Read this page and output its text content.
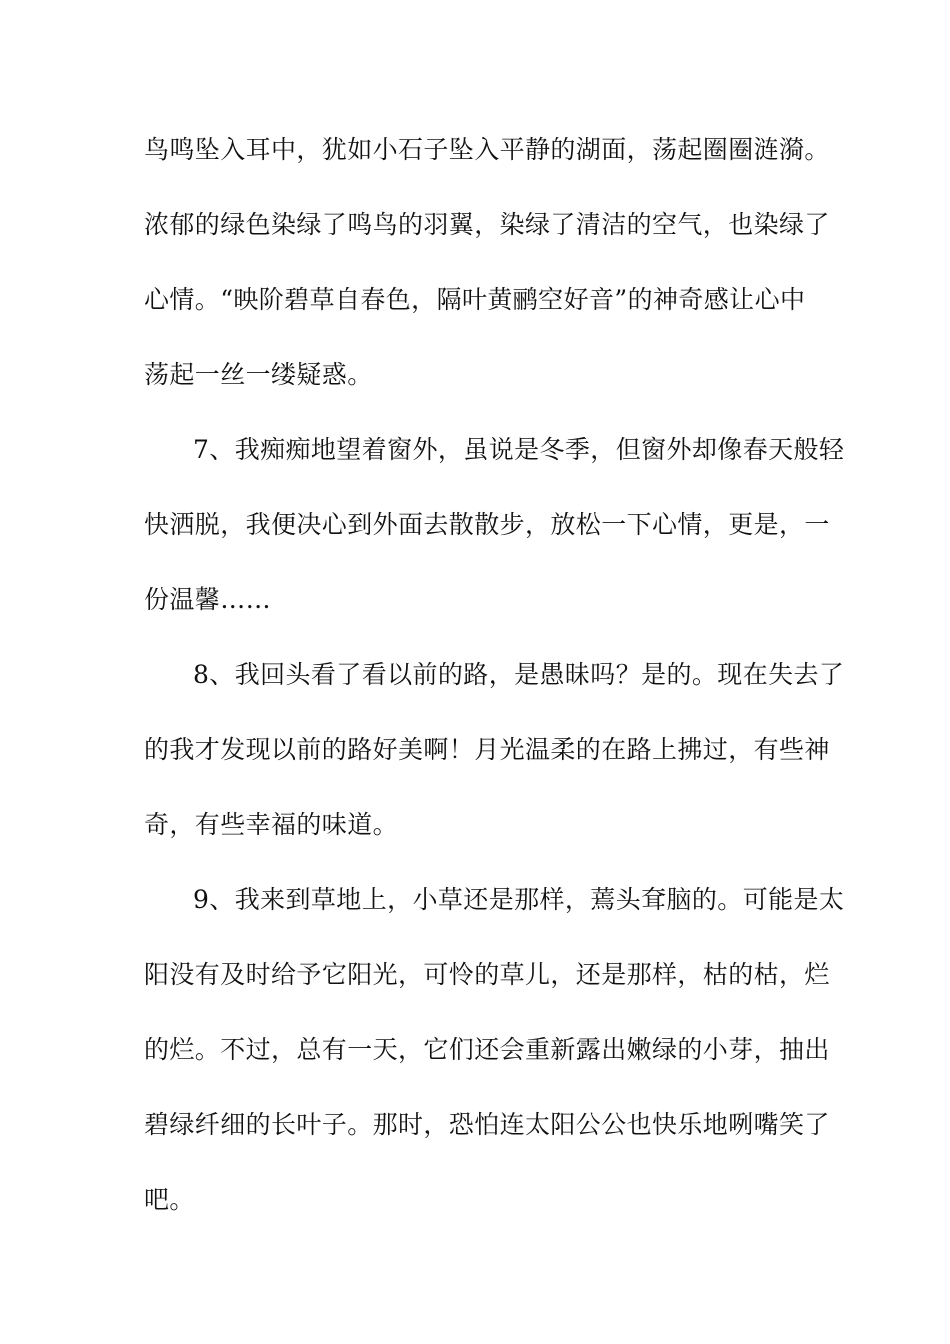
鸟鸣坠入耳中，犹如小石子坠入平静的湖面，荡起圈圈涟漪。
浓郁的绿色染绿了鸣鸟的羽翼，染绿了清洁的空气，也染绿了
心情。“映阶碧草自春色，隔叶黄鹂空好音”的神奇感让心中
荡起一丝一缕疑惑。
7、我痴痴地望着窗外，虽说是冬季，但窗外却像春天般轻
快洒脱，我便决心到外面去散散步，放松一下心情，更是，一
份温馨……
8、我回头看了看以前的路，是愚昧吗？是的。现在失去了
的我才发现以前的路好美啊！月光温柔的在路上拂过，有些神
奇，有些幸福的味道。
9、我来到草地上，小草还是那样，蔫头耷脑的。可能是太
阳没有及时给予它阳光，可怜的草儿，还是那样，枯的枯，烂
的烂。不过，总有一天，它们还会重新露出嫩绿的小芽，抽出
碧绿纤细的长叶子。那时，恐怕连太阳公公也快乐地咧嘴笑了
吧。
